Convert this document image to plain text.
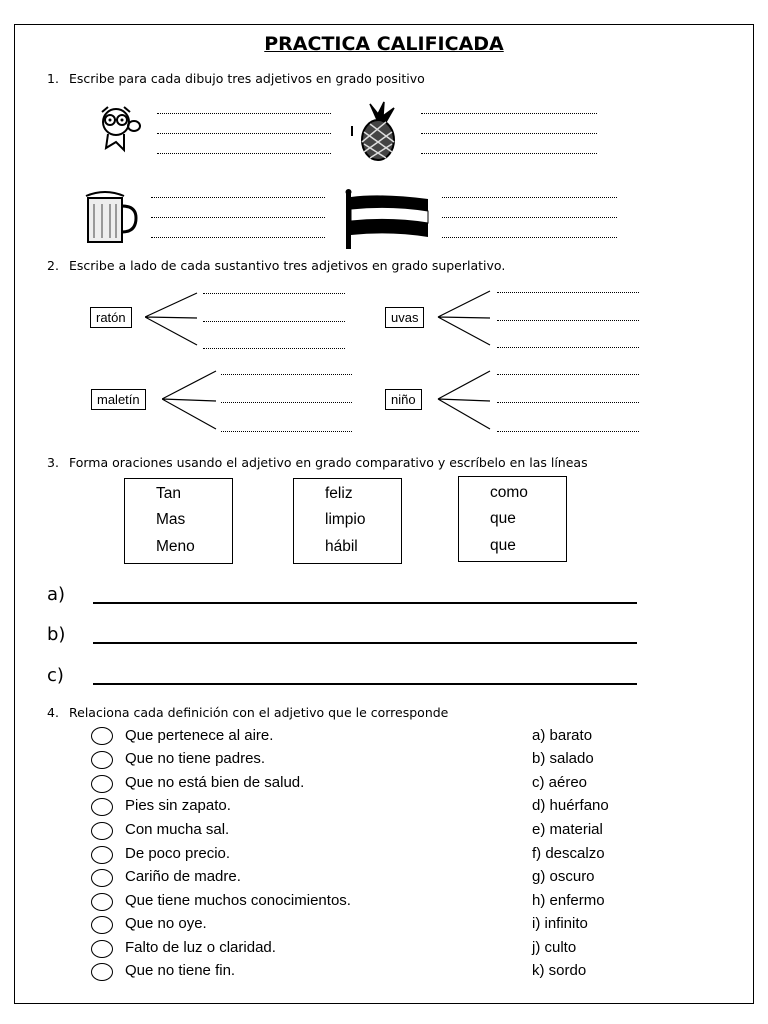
PRACTICA CALIFICADA
1. Escribe para cada dibujo tres adjetivos en grado positivo
2. Escribe a lado de cada sustantivo tres adjetivos en grado superlativo.
ratón	uvas
maletín	niño
3. Forma oraciones usando el adjetivo en grado comparativo y escríbelo en las líneas
Tan
Mas
Meno
feliz
limpio
hábil
como
que
que
a)
b)
c)
4. Relaciona cada definición con el adjetivo que le corresponde
Que pertenece al aire.	a) barato
Que no tiene padres.	b) salado
Que no está bien de salud.	c) aéreo
Pies sin zapato.	d) huérfano
Con mucha sal.	e) material
De poco precio.	f) descalzo
Cariño de madre.	g) oscuro
Que tiene muchos conocimientos.	h) enfermo
Que no oye.	i) infinito
Falto de luz o claridad.	j) culto
Que no tiene fin.	k) sordo
